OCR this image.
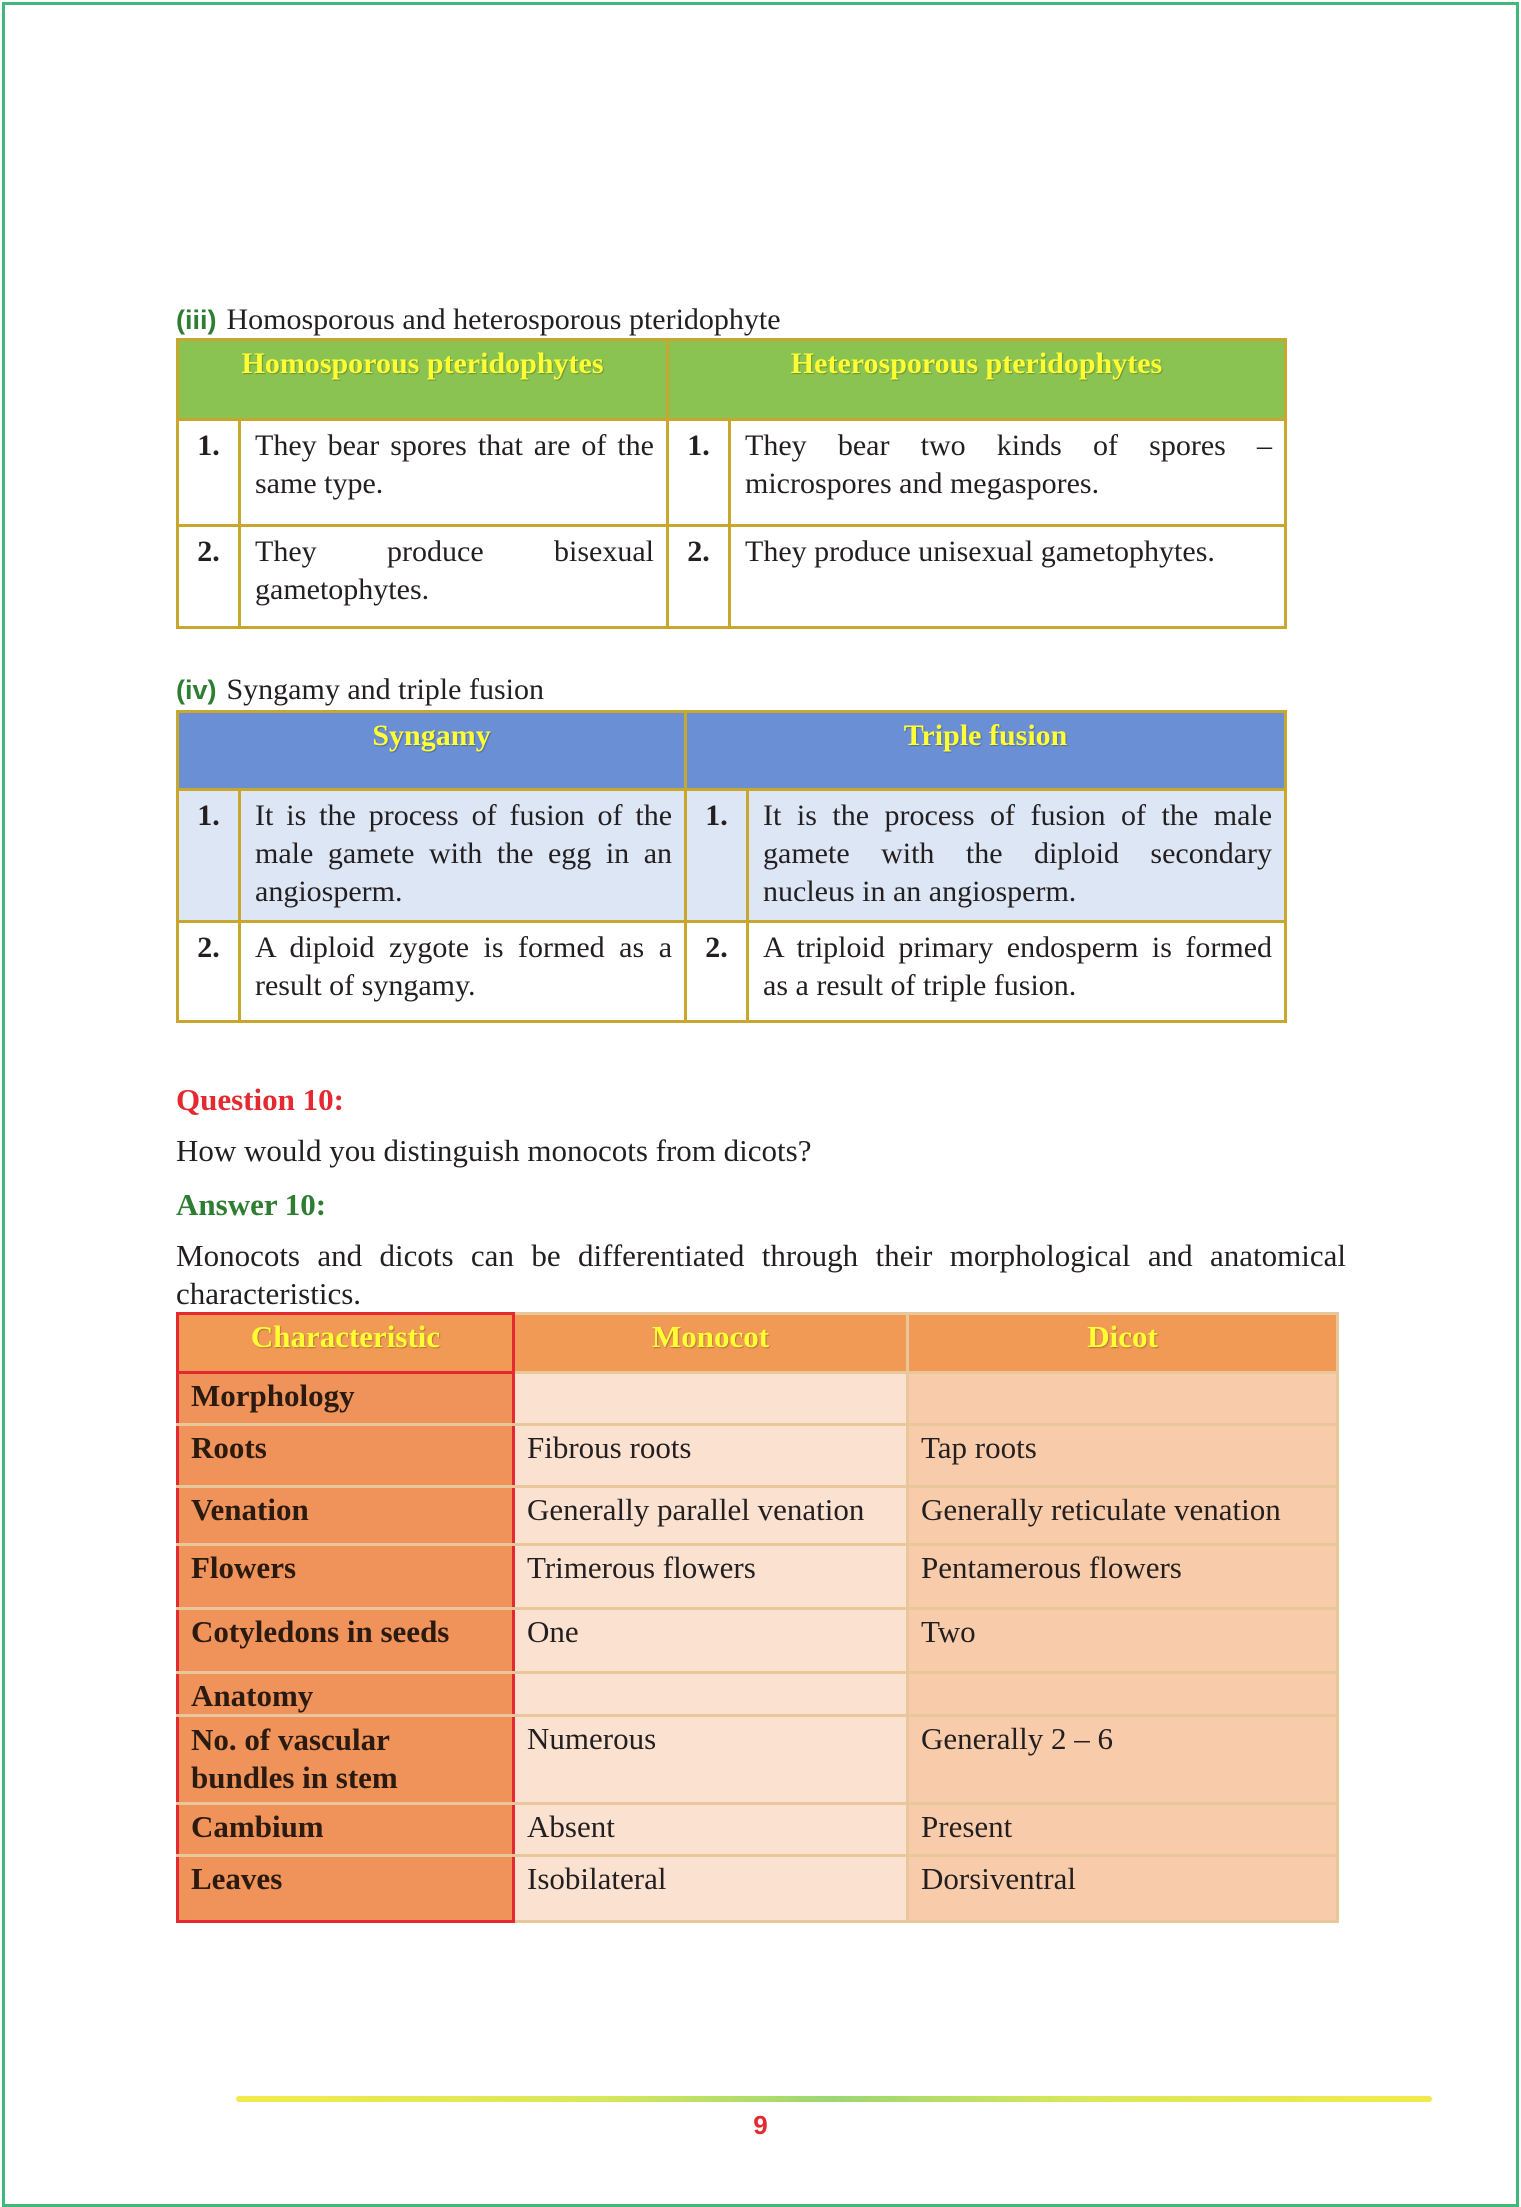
(iii) Homosporous and heterosporous pteridophyte
Homosporous pteridophytes		Heterosporous pteridophytes	
1.	They bear spores that are of the same type.	1.	They bear two kinds of spores – microspores and megaspores.
2.	They produce bisexual gametophytes.	2.	They produce unisexual gametophytes.
(iv) Syngamy and triple fusion
Syngamy		Triple fusion	
1.	It is the process of fusion of the male gamete with the egg in an angiosperm.	1.	It is the process of fusion of the male gamete with the diploid secondary nucleus in an angiosperm.
2.	A diploid zygote is formed as a result of syngamy.	2.	A triploid primary endosperm is formed as a result of triple fusion.
Question 10:
How would you distinguish monocots from dicots?
Answer 10:
Monocots and dicots can be differentiated through their morphological and anatomical characteristics.
Characteristic	Monocot	Dicot
Morphology		
Roots	Fibrous roots	Tap roots
Venation	Generally parallel venation	Generally reticulate venation
Flowers	Trimerous flowers	Pentamerous flowers
Cotyledons in seeds	One	Two
Anatomy		
No. of vascular bundles in stem	Numerous	Generally 2 – 6
Cambium	Absent	Present
Leaves	Isobilateral	Dorsiventral
9
